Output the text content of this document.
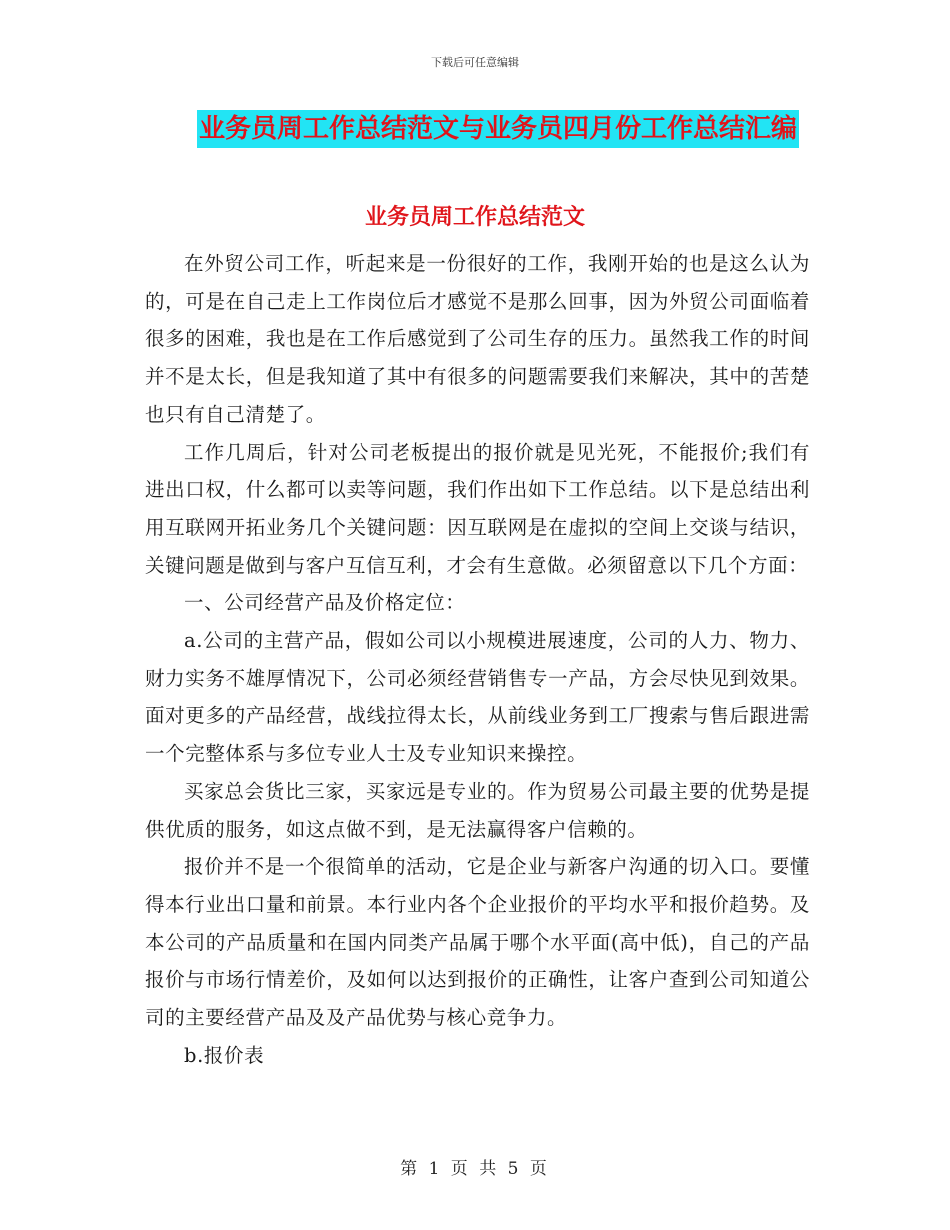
下载后可任意编辑
业务员周工作总结范文与业务员四月份工作总结汇编
业务员周工作总结范文

在外贸公司工作，听起来是一份很好的工作，我刚开始的也是这么认为的，可是在自己走上工作岗位后才感觉不是那么回事，因为外贸公司面临着很多的困难，我也是在工作后感觉到了公司生存的压力。虽然我工作的时间并不是太长，但是我知道了其中有很多的问题需要我们来解决，其中的苦楚也只有自己清楚了。

工作几周后，针对公司老板提出的报价就是见光死，不能报价;我们有进出口权，什么都可以卖等问题，我们作出如下工作总结。以下是总结出利用互联网开拓业务几个关键问题：因互联网是在虚拟的空间上交谈与结识，关键问题是做到与客户互信互利，才会有生意做。必须留意以下几个方面：

一、公司经营产品及价格定位：

a.公司的主营产品，假如公司以小规模进展速度，公司的人力、物力、财力实务不雄厚情况下，公司必须经营销售专一产品，方会尽快见到效果。面对更多的产品经营，战线拉得太长，从前线业务到工厂搜索与售后跟进需一个完整体系与多位专业人士及专业知识来操控。

买家总会货比三家，买家远是专业的。作为贸易公司最主要的优势是提供优质的服务，如这点做不到，是无法赢得客户信赖的。

报价并不是一个很简单的活动，它是企业与新客户沟通的切入口。要懂得本行业出口量和前景。本行业内各个企业报价的平均水平和报价趋势。及本公司的产品质量和在国内同类产品属于哪个水平面(高中低)，自己的产品报价与市场行情差价，及如何以达到报价的正确性，让客户查到公司知道公司的主要经营产品及及产品优势与核心竞争力。

b.报价表

第 1 页 共 5 页
